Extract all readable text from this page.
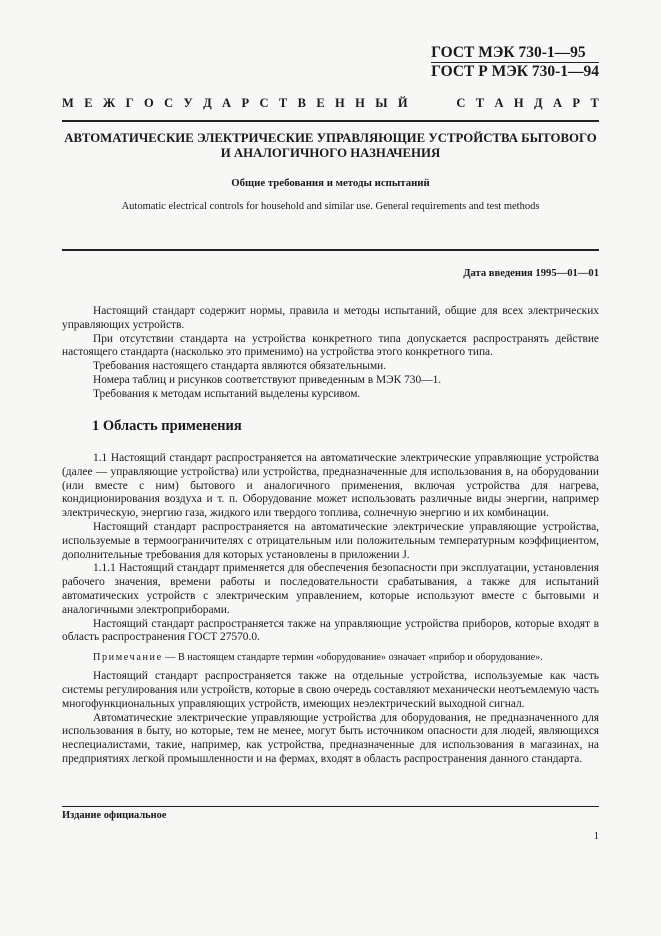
ГОСТ МЭК 730-1—95
ГОСТ Р МЭК 730-1—94
М Е Ж Г О С У Д А Р С Т В Е Н Н Ы Й	С Т А Н Д А Р Т
АВТОМАТИЧЕСКИЕ ЭЛЕКТРИЧЕСКИЕ УПРАВЛЯЮЩИЕ УСТРОЙСТВА БЫТОВОГО И АНАЛОГИЧНОГО НАЗНАЧЕНИЯ
Общие требования и методы испытаний
Automatic electrical controls for household and similar use. General requirements and test methods
Дата введения 1995—01—01

Настоящий стандарт содержит нормы, правила и методы испытаний, общие для всех электрических управляющих устройств.

При отсутствии стандарта на устройства конкретного типа допускается распространять действие настоящего стандарта (насколько это применимо) на устройства этого конкретного типа.

Требования настоящего стандарта являются обязательными.

Номера таблиц и рисунков соответствуют приведенным в МЭК 730—1.

Требования к методам испытаний выделены курсивом.

1 Область применения

1.1 Настоящий стандарт распространяется на автоматические электрические управляющие устройства (далее — управляющие устройства) или устройства, предназначенные для использования в, на оборудовании (или вместе с ним) бытового и аналогичного применения, включая устройства для нагрева, кондиционирования воздуха и т. п. Оборудование может использовать различные виды энергии, например электрическую, энергию газа, жидкого или твердого топлива, солнечную энергию и их комбинации.

Настоящий стандарт распространяется на автоматические электрические управляющие устройства, используемые в термоограничителях с отрицательным или положительным температурным коэффициентом, дополнительные требования для которых установлены в приложении J.

1.1.1 Настоящий стандарт применяется для обеспечения безопасности при эксплуатации, установления рабочего значения, времени работы и последовательности срабатывания, а также для испытаний автоматических устройств с электрическим управлением, которые используют вместе с бытовыми и аналогичными электроприборами.

Настоящий стандарт распространяется также на управляющие устройства приборов, которые входят в область распространения ГОСТ 27570.0.

Примечание — В настоящем стандарте термин «оборудование» означает «прибор и оборудование».

Настоящий стандарт распространяется также на отдельные устройства, используемые как часть системы регулирования или устройств, которые в свою очередь составляют механически неотъемлемую часть многофункциональных управляющих устройств, имеющих неэлектрический выходной сигнал.

Автоматические электрические управляющие устройства для оборудования, не предназначенного для использования в быту, но которые, тем не менее, могут быть источником опасности для людей, являющихся неспециалистами, такие, например, как устройства, предназначенные для использования в магазинах, на предприятиях легкой промышленности и на фермах, входят в область распространения данного стандарта.

Издание официальное
1
